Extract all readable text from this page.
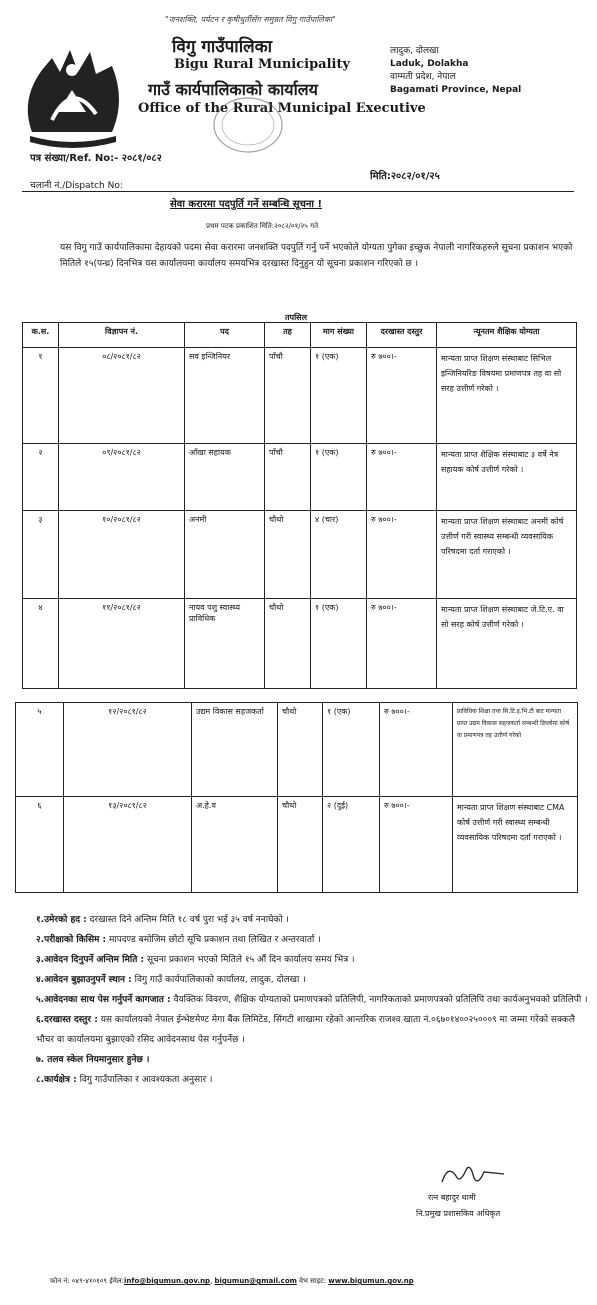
"जनशक्ति, पर्यटन र कृषीधुर्तीसँग समुन्नत विगु गाउँपालिका"
विगु गाउँपालिका
Bigu Rural Municipality
गाउँ कार्यपालिकाको कार्यालय
Office of the Rural Municipal Executive
लादुक, दोलखा
Laduk, Dolakha
वाग्मती प्रदेश, नेपाल
Bagamati Province, Nepal
पत्र संख्या/Ref. No:- २०८१/०८२
चलानी नं./Dispatch No:
मिति:२०८२/०१/२५
सेवा करारमा पदपुर्ति गर्ने सम्बन्धि सूचना !
प्रथम पटक प्रकाशित मिति:२०८२/०१/२५ गते
यस विगु गाउँ कार्यपालिकामा देहायको पदमा सेवा करारमा जनशक्ति पदपुर्ति गर्नु पर्ने भएकोले योग्यता पुगेका इच्छुक नेपाली नागरिकहरुले सूचना प्रकाशन भएको मितिले १५(पन्ध्र) दिनभित्र यस कार्यालयमा कार्यालय समयभित्र दरखास्त दिनुहुन यो सूचना प्रकाशन गरिएको छ ।
तपसिल
क.स.	विज्ञापन नं.	पद	तह	माग संख्या	दरखास्त दस्तुर	न्यूनतम शैक्षिक योग्यता
१	०८/२०८१/८२	सव इन्जिनियर	पाँचौ	१ (एक)	रु ७००।-	मान्यता प्राप्त शिक्षण संस्थाबाट सिभिल इन्जिनियरिङ विषयमा प्रमाणपत्र तह वा सो सरह उत्तीर्ण गरेको ।
२	०९/२०८१/८२	आँखा सहायक	पाँचौ	१ (एक)	रु ७००।-	मान्यता प्राप्त शैक्षिक संस्थाबाट ३ वर्षे नेत्र सहायक कोर्ष उत्तीर्ण गरेको ।
३	१०/२०८१/८२	अनमी	चौथो	४ (चार)	रु ७००।-	मान्यता प्राप्त शिक्षण संस्थाबाट अनमी कोर्ष उत्तीर्ण गरी स्वास्थ्य सम्बन्धी व्यवसायिक परिषदमा दर्ता गराएको ।
४	११/२०८१/८२	नायव पशु स्वास्थ्य प्राविधिक	चौथो	१ (एक)	रु ७००।-	मान्यता प्राप्त शिक्षण संस्थाबाट जे.टि.ए. वा सो सरह कोर्ष उत्तीर्ण गरेको ।
५	१२/२०८१/८२	उद्यम विकास सहजकर्ता	चौथो	१ (एक)	रु ७००।-	प्राविधिक शिक्षा तथा सि.टि.इ.भि.टी बाट मान्यता प्राप्त उद्यम विकास सहजकर्ता सम्बन्धी डिप्लोमा कोर्ष वा प्रमाणपत्र तह उत्तीर्ण गरेको
६	१३/२०८१/८२	अ.हे.व	चौथो	२ (दुई)	रु ७००।-	मान्यता प्राप्त शिक्षण संस्थाबाट CMA कोर्ष उत्तीर्ण गरी स्वास्थ्य सम्बन्धी व्यवसायिक परिषदमा दर्ता गराएको ।

१.उमेरको हद : दरखास्त दिने अन्तिम मिति १८ वर्ष पुरा भई ३५ वर्ष ननाघेको ।

२.परीक्षाको किसिम : मापदण्ड बमोजिम छोटो सूचि प्रकाशन तथा लिखित र अन्तरवार्ता ।

३.आवेदन दिनुपर्ने अन्तिम मिति : सूचना प्रकाशन भएको मितिले १५ औं दिन कार्यालय समय भित्र ।

४.आवेदन बुझाउनुपर्ने स्थान : विगु गाउँ कार्यपालिकाको कार्यालय, लादुक, दोलखा ।

५.आवेदनका साथ पेस गर्नुपर्ने कागजात : वैयक्तिक विवरण, शैक्षिक योग्यताको प्रमाणपत्रको प्रतिलिपी, नागरिकताको प्रमाणपत्रको प्रतिलिपि तथा कार्यअनुभवको प्रतिलिपी ।

६.दरखास्त दस्तुर : यस कार्यालयको नेपाल ईन्भेष्टमेण्ट मेगा बैंक लिमिटेड, सिंगटी शाखामा रहेको आन्तरिक राजश्व खाता नं.०६७०१४००२५०००९ मा जम्मा गरेको सक्कलै भौचर वा कार्यालयमा बुझाएको रसिद आवेदनसाथ पेस गर्नुपर्नेछ ।

७. तलव स्केल नियमानुसार हुनेछ ।

८.कार्यक्षेत्र : विगु गाउँपालिका र आवश्यकता अनुसार ।

रत्न बहादुर थामी
नि.प्रमुख प्रशासकिय अधिकृत
फोन नं: ०४९-४१०१०९ ईमेल:info@bigumun.gov.np, bigumun@gmail.com वेभ साइट: www.bigumun.gov.np
